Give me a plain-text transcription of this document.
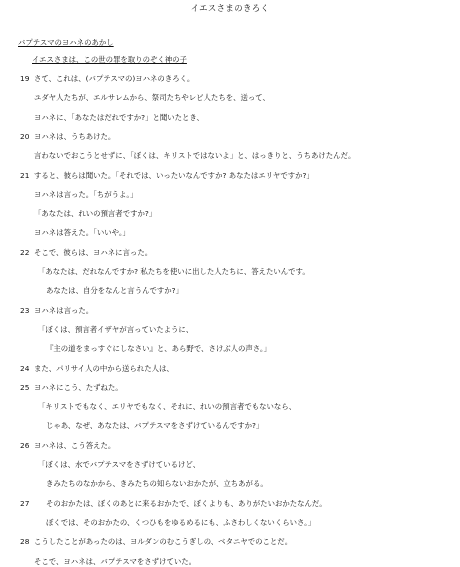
イエスさまのきろく
バプテスマのヨハネのあかし
イエスさまは、この世の罪を取りのぞく神の子
19 さて、これは、(バプテスマの)ヨハネのきろく。
ユダヤ人たちが、エルサレムから、祭司たちやレビ人たちを、送って、
ヨハネに、「あなたはだれですか?」と聞いたとき、
20 ヨハネは、うちあけた。
言わないでおこうとせずに、「ぼくは、キリストではないよ」と、はっきりと、うちあけたんだ。
21 すると、彼らは聞いた。「それでは、いったいなんですか? あなたはエリヤですか?」
ヨハネは言った。「ちがうよ。」
「あなたは、れいの預言者ですか?」
ヨハネは答えた。「いいや。」
22 そこで、彼らは、ヨハネに言った。
「あなたは、だれなんですか? 私たちを使いに出した人たちに、答えたいんです。
あなたは、自分をなんと言うんですか?」
23 ヨハネは言った。
「ぼくは、預言者イザヤが言っていたように、
『主の道をまっすぐにしなさい』と、あら野で、さけぶ人の声さ。」
24 また、パリサイ人の中から送られた人は、
25 ヨハネにこう、たずねた。
「キリストでもなく、エリヤでもなく、それに、れいの預言者でもないなら、
じゃあ、なぜ、あなたは、バプテスマをさずけているんですか?」
26 ヨハネは、こう答えた。
「ぼくは、水でバプテスマをさずけているけど、
きみたちのなかから、きみたちの知らないおかたが、立ちあがる。
27	そのおかたは、ぼくのあとに来るおかたで、ぼくよりも、ありがたいおかたなんだ。
ぼくでは、そのおかたの、くつひもをゆるめるにも、ふさわしくないくらいさ。」
28 こうしたことがあったのは、ヨルダンのむこうぎしの、ベタニヤでのことだ。
そこで、ヨハネは、バプテスマをさずけていた。
